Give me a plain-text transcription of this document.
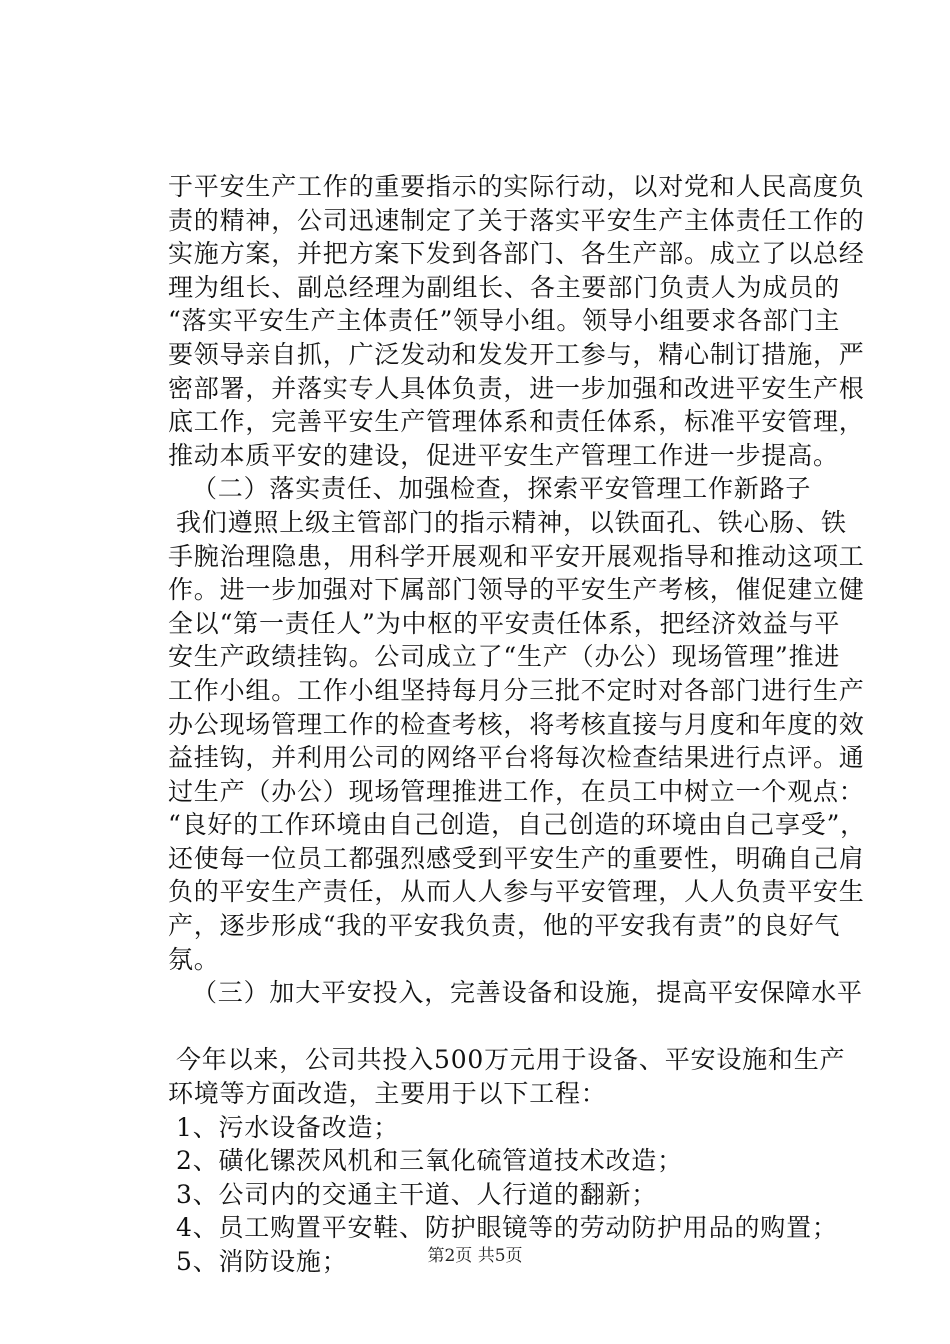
于平安生产工作的重要指示的实际行动，以对党和人民高度负
责的精神，公司迅速制定了关于落实平安生产主体责任工作的
实施方案，并把方案下发到各部门、各生产部。成立了以总经
理为组长、副总经理为副组长、各主要部门负责人为成员的
“落实平安生产主体责任”领导小组。领导小组要求各部门主
要领导亲自抓，广泛发动和发发开工参与，精心制订措施，严
密部署，并落实专人具体负责，进一步加强和改进平安生产根
底工作，完善平安生产管理体系和责任体系，标准平安管理，
推动本质平安的建设，促进平安生产管理工作进一步提高。
（二）落实责任、加强检查，探索平安管理工作新路子
我们遵照上级主管部门的指示精神，以铁面孔、铁心肠、铁
手腕治理隐患，用科学开展观和平安开展观指导和推动这项工
作。进一步加强对下属部门领导的平安生产考核，催促建立健
全以“第一责任人”为中枢的平安责任体系，把经济效益与平
安生产政绩挂钩。公司成立了“生产（办公）现场管理”推进
工作小组。工作小组坚持每月分三批不定时对各部门进行生产
办公现场管理工作的检查考核，将考核直接与月度和年度的效
益挂钩，并利用公司的网络平台将每次检查结果进行点评。通
过生产（办公）现场管理推进工作，在员工中树立一个观点：
“良好的工作环境由自己创造，自己创造的环境由自己享受”，
还使每一位员工都强烈感受到平安生产的重要性，明确自己肩
负的平安生产责任，从而人人参与平安管理，人人负责平安生
产，逐步形成“我的平安我负责，他的平安我有责”的良好气
氛。
（三）加大平安投入，完善设备和设施，提高平安保障水平
今年以来，公司共投入500万元用于设备、平安设施和生产
环境等方面改造，主要用于以下工程：
1、污水设备改造；
2、磺化镙茨风机和三氧化硫管道技术改造；
3、公司内的交通主干道、人行道的翻新；
4、员工购置平安鞋、防护眼镜等的劳动防护用品的购置；
5、消防设施；	第2页 共5页
